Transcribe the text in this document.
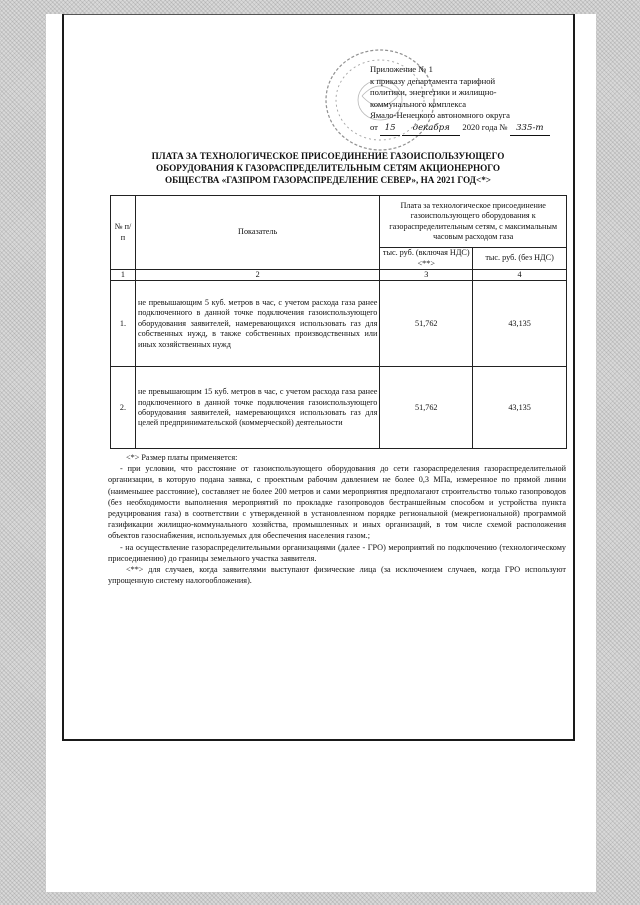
Приложение № 1
к приказу департамента тарифной
политики, энергетики и жилищно-
коммунального комплекса
Ямало-Ненецкого автономного округа
от 15 декабря 2020 года № 335-т
ПЛАТА ЗА ТЕХНОЛОГИЧЕСКОЕ ПРИСОЕДИНЕНИЕ ГАЗОИСПОЛЬЗУЮЩЕГО
ОБОРУДОВАНИЯ К ГАЗОРАСПРЕДЕЛИТЕЛЬНЫМ СЕТЯМ АКЦИОНЕРНОГО
ОБЩЕСТВА «ГАЗПРОМ ГАЗОРАСПРЕДЕЛЕНИЕ СЕВЕР», НА 2021 ГОД<*>
№ п/п	Показатель	Плата за технологическое присоединение газоиспользующего оборудования к газораспределительным сетям, с максимальным часовым расходом газа	
		тыс. руб. (включая НДС) <**>	тыс. руб. (без НДС)
1	2	3	4
1.	не превышающим 5 куб. метров в час, с учетом расхода газа ранее подключенного в данной точке подключения газоиспользующего оборудования заявителей, намеревающихся использовать газ для собственных нужд, в также собственных производственных или иных хозяйственных нужд	51,762	43,135
2.	не превышающим 15 куб. метров в час, с учетом расхода газа ранее подключенного в данной точке подключения газоиспользующего оборудования заявителей, намеревающихся использовать газ для целей предпринимательской (коммерческой) деятельности	51,762	43,135

<*> Размер платы применяется:

- при условии, что расстояние от газоиспользующего оборудования до сети газораспределения газораспределительной организации, в которую подана заявка, с проектным рабочим давлением не более 0,3 МПа, измеренное по прямой линии (наименьшее расстояние), составляет не более 200 метров и сами мероприятия предполагают строительство только газопроводов (без необходимости выполнения мероприятий по прокладке газопроводов бестраншейным способом и устройства пункта редуцирования газа) в соответствии с утвержденной в установленном порядке региональной (межрегиональной) программой газификации жилищно-коммунального хозяйства, промышленных и иных организаций, в том числе схемой расположения объектов газоснабжения, используемых для обеспечения населения газом.;

- на осуществление газораспределительными организациями (далее - ГРО) мероприятий по подключению (технологическому присоединению) до границы земельного участка заявителя.

<**> для случаев, когда заявителями выступают физические лица (за исключением случаев, когда ГРО используют упрощенную систему налогообложения).
